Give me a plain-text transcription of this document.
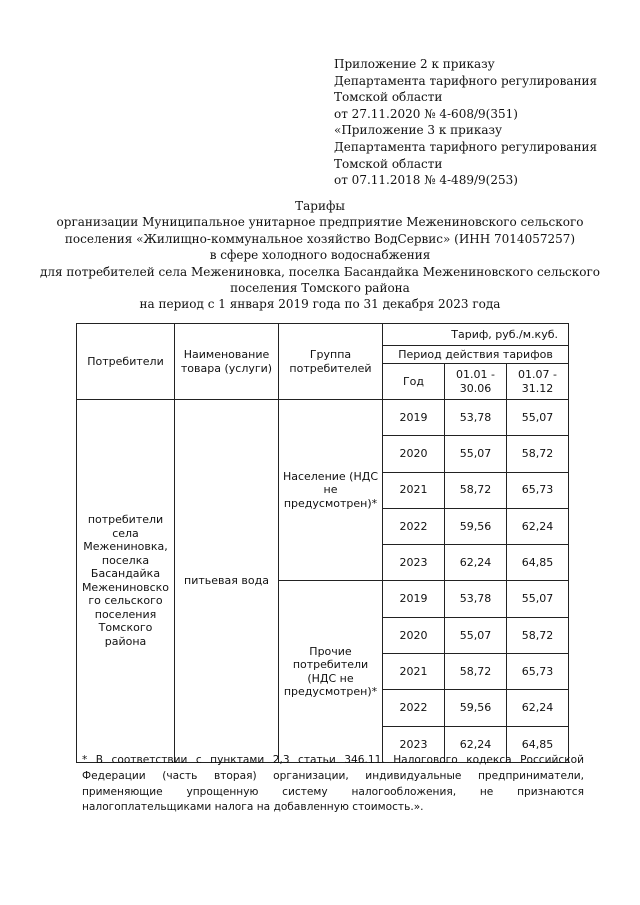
Приложение 2 к приказу
Департамента тарифного регулирования
Томской области
от 27.11.2020 № 4-608/9(351)
«Приложение 3 к приказу
Департамента тарифного регулирования
Томской области
от 07.11.2018 № 4-489/9(253)
Тарифы
организации Муниципальное унитарное предприятие Межениновского сельского
поселения «Жилищно-коммунальное хозяйство ВодСервис» (ИНН 7014057257)
в сфере холодного водоснабжения
для потребителей села Межениновка, поселка Басандайка Межениновского сельского
поселения Томского района
на период с 1 января 2019 года по 31 декабря 2023 года
Потребители	Наименование товара (услуги)	Группа потребителей	Тариф, руб./м.куб.		
			Период действия тарифов		
			Год	01.01 - 30.06	01.07 - 31.12
потребители села Межениновка, поселка Басандайка Межениновско го сельского поселения Томского района	питьевая вода	Население (НДС не предусмотрен)*	2019	53,78	55,07
			2020	55,07	58,72
			2021	58,72	65,73
			2022	59,56	62,24
			2023	62,24	64,85
		Прочие потребители (НДС не предусмотрен)*	2019	53,78	55,07
			2020	55,07	58,72
			2021	58,72	65,73
			2022	59,56	62,24
			2023	62,24	64,85
* В соответствии с пунктами 2,3 статьи 346.11. Налогового кодекса Российской Федерации (часть вторая) организации, индивидуальные предприниматели, применяющие упрощенную систему налогообложения, не признаются налогоплательщиками налога на добавленную стоимость.».
